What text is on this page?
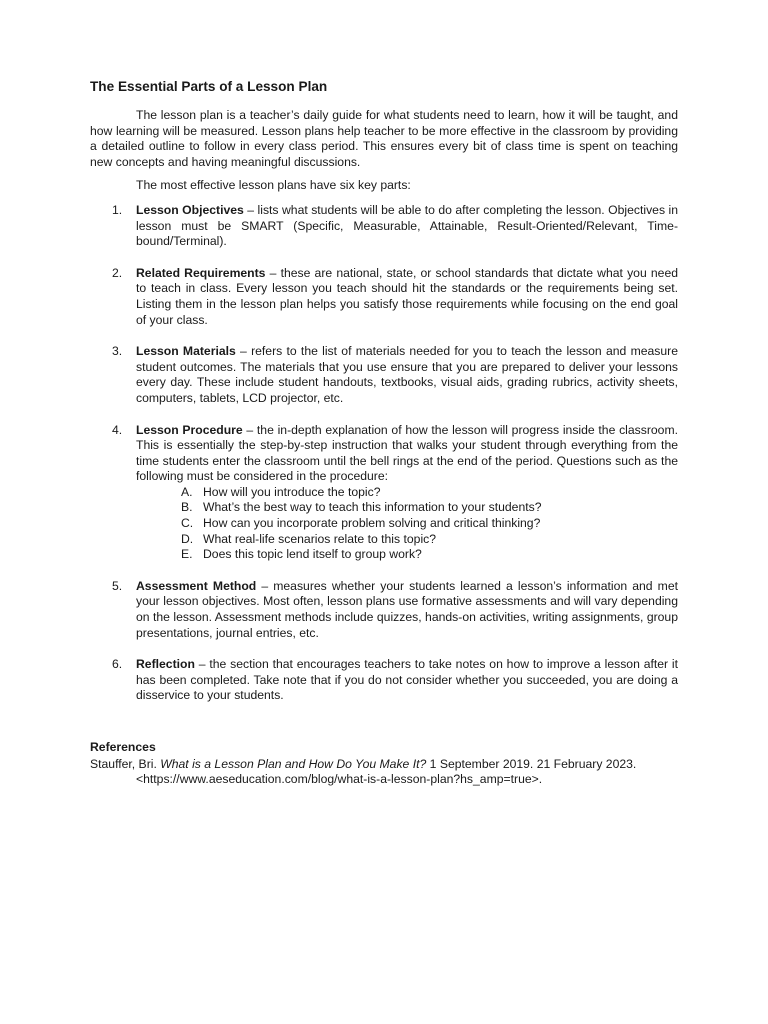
The Essential Parts of a Lesson Plan

The lesson plan is a teacher’s daily guide for what students need to learn, how it will be taught, and how learning will be measured. Lesson plans help teacher to be more effective in the classroom by providing a detailed outline to follow in every class period. This ensures every bit of class time is spent on teaching new concepts and having meaningful discussions.

The most effective lesson plans have six key parts:

1. Lesson Objectives – lists what students will be able to do after completing the lesson. Objectives in lesson must be SMART (Specific, Measurable, Attainable, Result-Oriented/Relevant, Time-bound/Terminal).
2. Related Requirements – these are national, state, or school standards that dictate what you need to teach in class. Every lesson you teach should hit the standards or the requirements being set. Listing them in the lesson plan helps you satisfy those requirements while focusing on the end goal of your class.
3. Lesson Materials – refers to the list of materials needed for you to teach the lesson and measure student outcomes. The materials that you use ensure that you are prepared to deliver your lessons every day. These include student handouts, textbooks, visual aids, grading rubrics, activity sheets, computers, tablets, LCD projector, etc.
4. Lesson Procedure – the in-depth explanation of how the lesson will progress inside the classroom. This is essentially the step-by-step instruction that walks your student through everything from the time students enter the classroom until the bell rings at the end of the period. Questions such as the following must be considered in the procedure:
A. How will you introduce the topic?
B. What’s the best way to teach this information to your students?
C. How can you incorporate problem solving and critical thinking?
D. What real-life scenarios relate to this topic?
E. Does this topic lend itself to group work?
5. Assessment Method – measures whether your students learned a lesson’s information and met your lesson objectives. Most often, lesson plans use formative assessments and will vary depending on the lesson. Assessment methods include quizzes, hands-on activities, writing assignments, group presentations, journal entries, etc.
6. Reflection – the section that encourages teachers to take notes on how to improve a lesson after it has been completed. Take note that if you do not consider whether you succeeded, you are doing a disservice to your students.
References
Stauffer, Bri. What is a Lesson Plan and How Do You Make It? 1 September 2019. 21 February 2023. <https://www.aeseducation.com/blog/what-is-a-lesson-plan?hs_amp=true>.
